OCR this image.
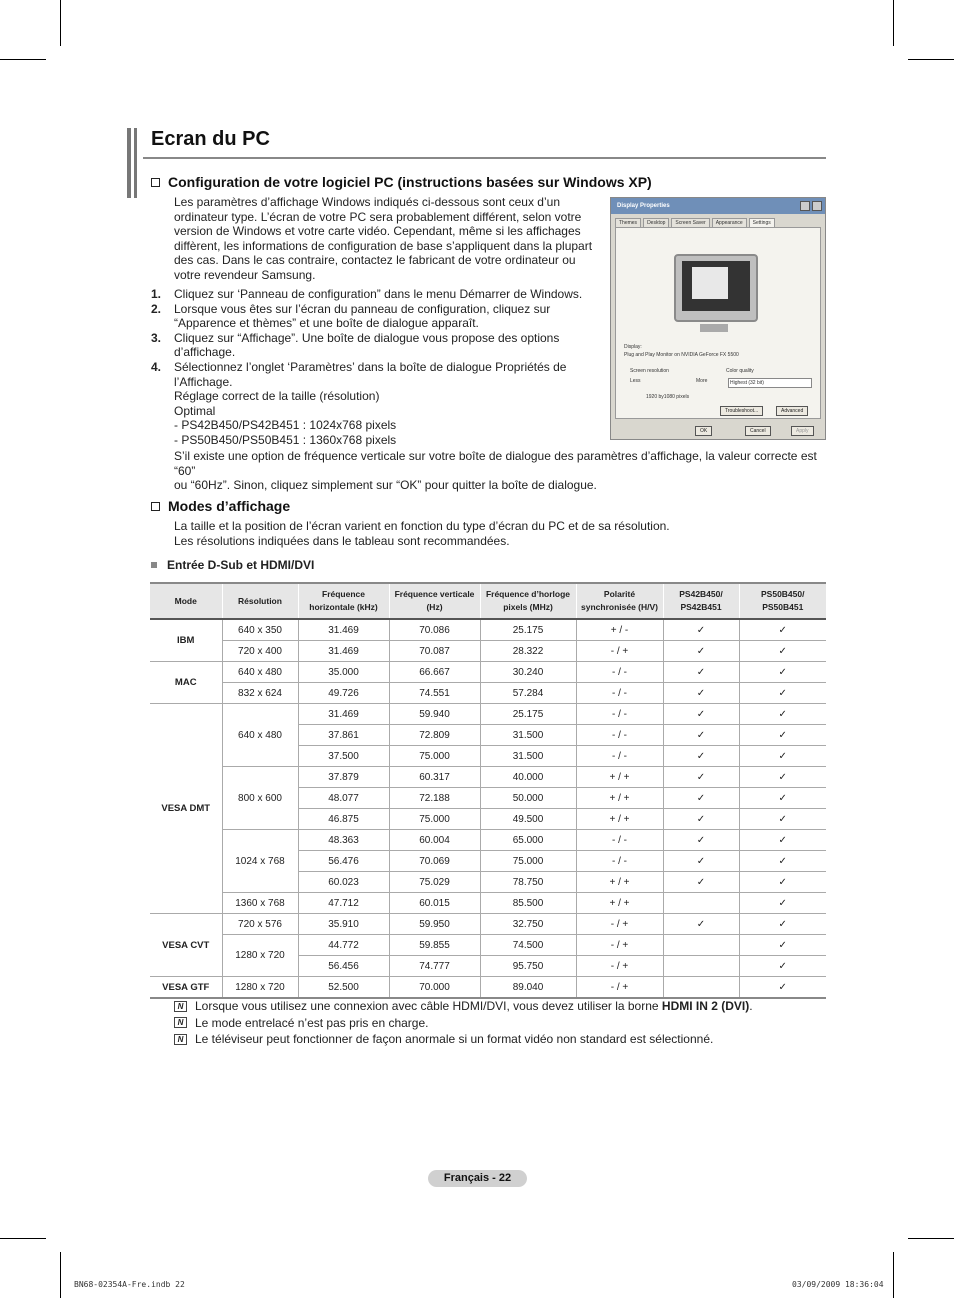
Ecran du PC
Configuration de votre logiciel PC (instructions basées sur Windows XP)
Les paramètres d’affichage Windows indiqués ci-dessous sont ceux d’un
ordinateur type. L’écran de votre PC sera probablement différent, selon votre
version de Windows et votre carte vidéo. Cependant, même si les affichages
diffèrent, les informations de configuration de base s’appliquent dans la plupart
des cas. Dans le cas contraire, contactez le fabricant de votre ordinateur ou
votre revendeur Samsung.
1.	Cliquez sur ‘Panneau de configuration” dans le menu Démarrer de Windows.
2.	Lorsque vous êtes sur l’écran du panneau de configuration, cliquez sur
“Apparence et thèmes” et une boîte de dialogue apparaît.
3.	Cliquez sur “Affichage”. Une boîte de dialogue vous propose des options
d’affichage.
4.	Sélectionnez l’onglet ‘Paramètres’ dans la boîte de dialogue Propriétés de
l’Affichage.
Réglage correct de la taille (résolution)
Optimal
- PS42B450/PS42B451 : 1024x768 pixels
- PS50B450/PS50B451 : 1360x768 pixels
S’il existe une option de fréquence verticale sur votre boîte de dialogue des paramètres d’affichage, la valeur correcte est “60”
ou “60Hz”. Sinon, cliquez simplement sur “OK” pour quitter la boîte de dialogue.
Display Properties
Themes	Desktop	Screen Saver	Appearance	Settings
Display:
Plug and Play Monitor on NVIDIA GeForce FX 5500
Screen resolution
Less	More
1920 by1080 pixels
Color quality
Highest (32 bit)
Troubleshoot...	Advanced
OK	Cancel	Apply
Modes d’affichage
La taille et la position de l’écran varient en fonction du type d’écran du PC et de sa résolution.
Les résolutions indiquées dans le tableau sont recommandées.
Entrée D-Sub et HDMI/DVI
Mode	Résolution	Fréquence horizontale (kHz)	Fréquence verticale (Hz)	Fréquence d’horloge pixels (MHz)	Polarité synchronisée (H/V)	PS42B450/ PS42B451	PS50B450/ PS50B451
IBM	640 x 350	31.469	70.086	25.175	+ / -	✓	✓
	720 x 400	31.469	70.087	28.322	- / +	✓	✓
MAC	640 x 480	35.000	66.667	30.240	- / -	✓	✓
	832 x 624	49.726	74.551	57.284	- / -	✓	✓
VESA DMT	640 x 480	31.469	59.940	25.175	- / -	✓	✓
		37.861	72.809	31.500	- / -	✓	✓
		37.500	75.000	31.500	- / -	✓	✓
	800 x 600	37.879	60.317	40.000	+ / +	✓	✓
		48.077	72.188	50.000	+ / +	✓	✓
		46.875	75.000	49.500	+ / +	✓	✓
	1024 x 768	48.363	60.004	65.000	- / -	✓	✓
		56.476	70.069	75.000	- / -	✓	✓
		60.023	75.029	78.750	+ / +	✓	✓
	1360 x 768	47.712	60.015	85.500	+ / +		✓
VESA CVT	720 x 576	35.910	59.950	32.750	- / +	✓	✓
	1280 x 720	44.772	59.855	74.500	- / +		✓
		56.456	74.777	95.750	- / +		✓
VESA GTF	1280 x 720	52.500	70.000	89.040	- / +		✓
N Lorsque vous utilisez une connexion avec câble HDMI/DVI, vous devez utiliser la borne HDMI IN 2 (DVI).
N Le mode entrelacé n’est pas pris en charge.
N Le téléviseur peut fonctionner de façon anormale si un format vidéo non standard est sélectionné.
Français - 22
BN68-02354A-Fre.indb 22	03/09/2009 18:36:04
